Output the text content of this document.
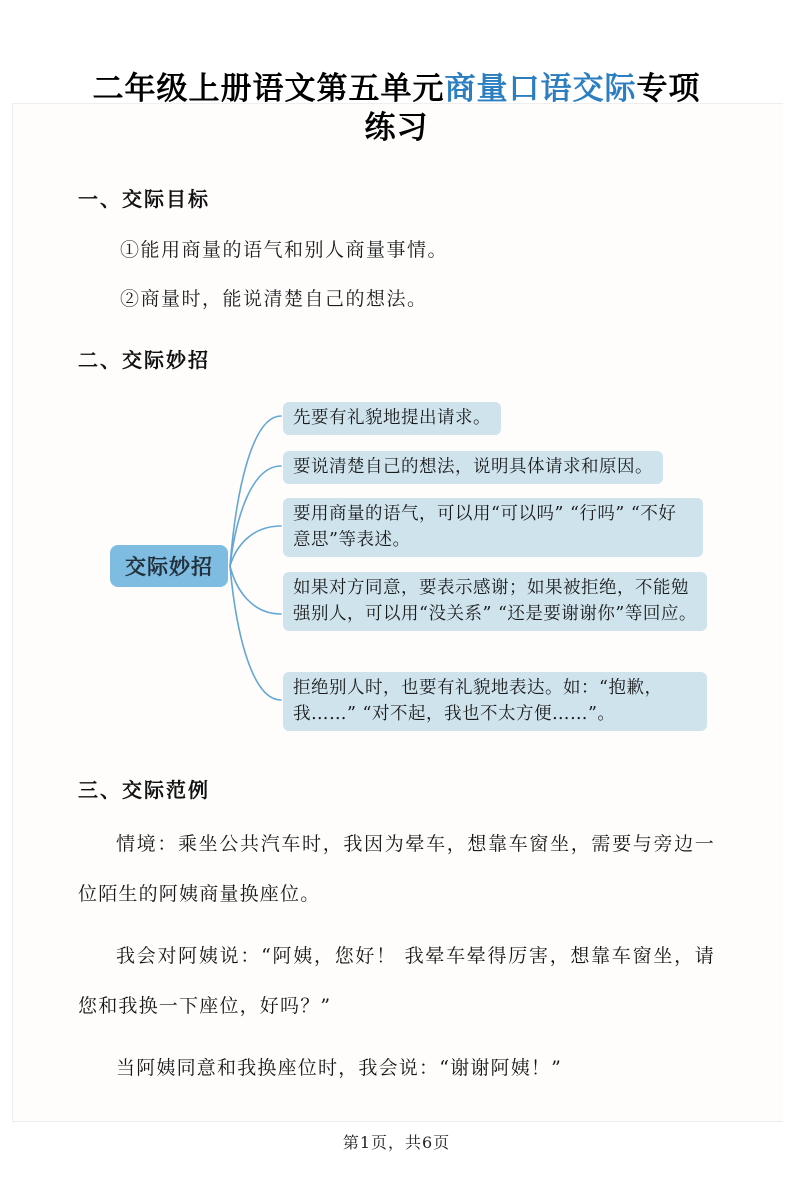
二年级上册语文第五单元商量口语交际专项练习
一、交际目标

①能用商量的语气和别人商量事情。

②商量时，能说清楚自己的想法。

二、交际妙招
交际妙招
先要有礼貌地提出请求。
要说清楚自己的想法，说明具体请求和原因。
要用商量的语气，可以用“可以吗” “行吗” “不好意思”等表述。
如果对方同意，要表示感谢；如果被拒绝，不能勉强别人，可以用“没关系” “还是要谢谢你”等回应。
拒绝别人时，也要有礼貌地表达。如：“抱歉，我……” “对不起，我也不太方便……”。
三、交际范例

情境：乘坐公共汽车时，我因为晕车，想靠车窗坐，需要与旁边一位陌生的阿姨商量换座位。

我会对阿姨说：“阿姨，您好！ 我晕车晕得厉害，想靠车窗坐，请您和我换一下座位，好吗？”

当阿姨同意和我换座位时，我会说：“谢谢阿姨！”

第1页，共6页
